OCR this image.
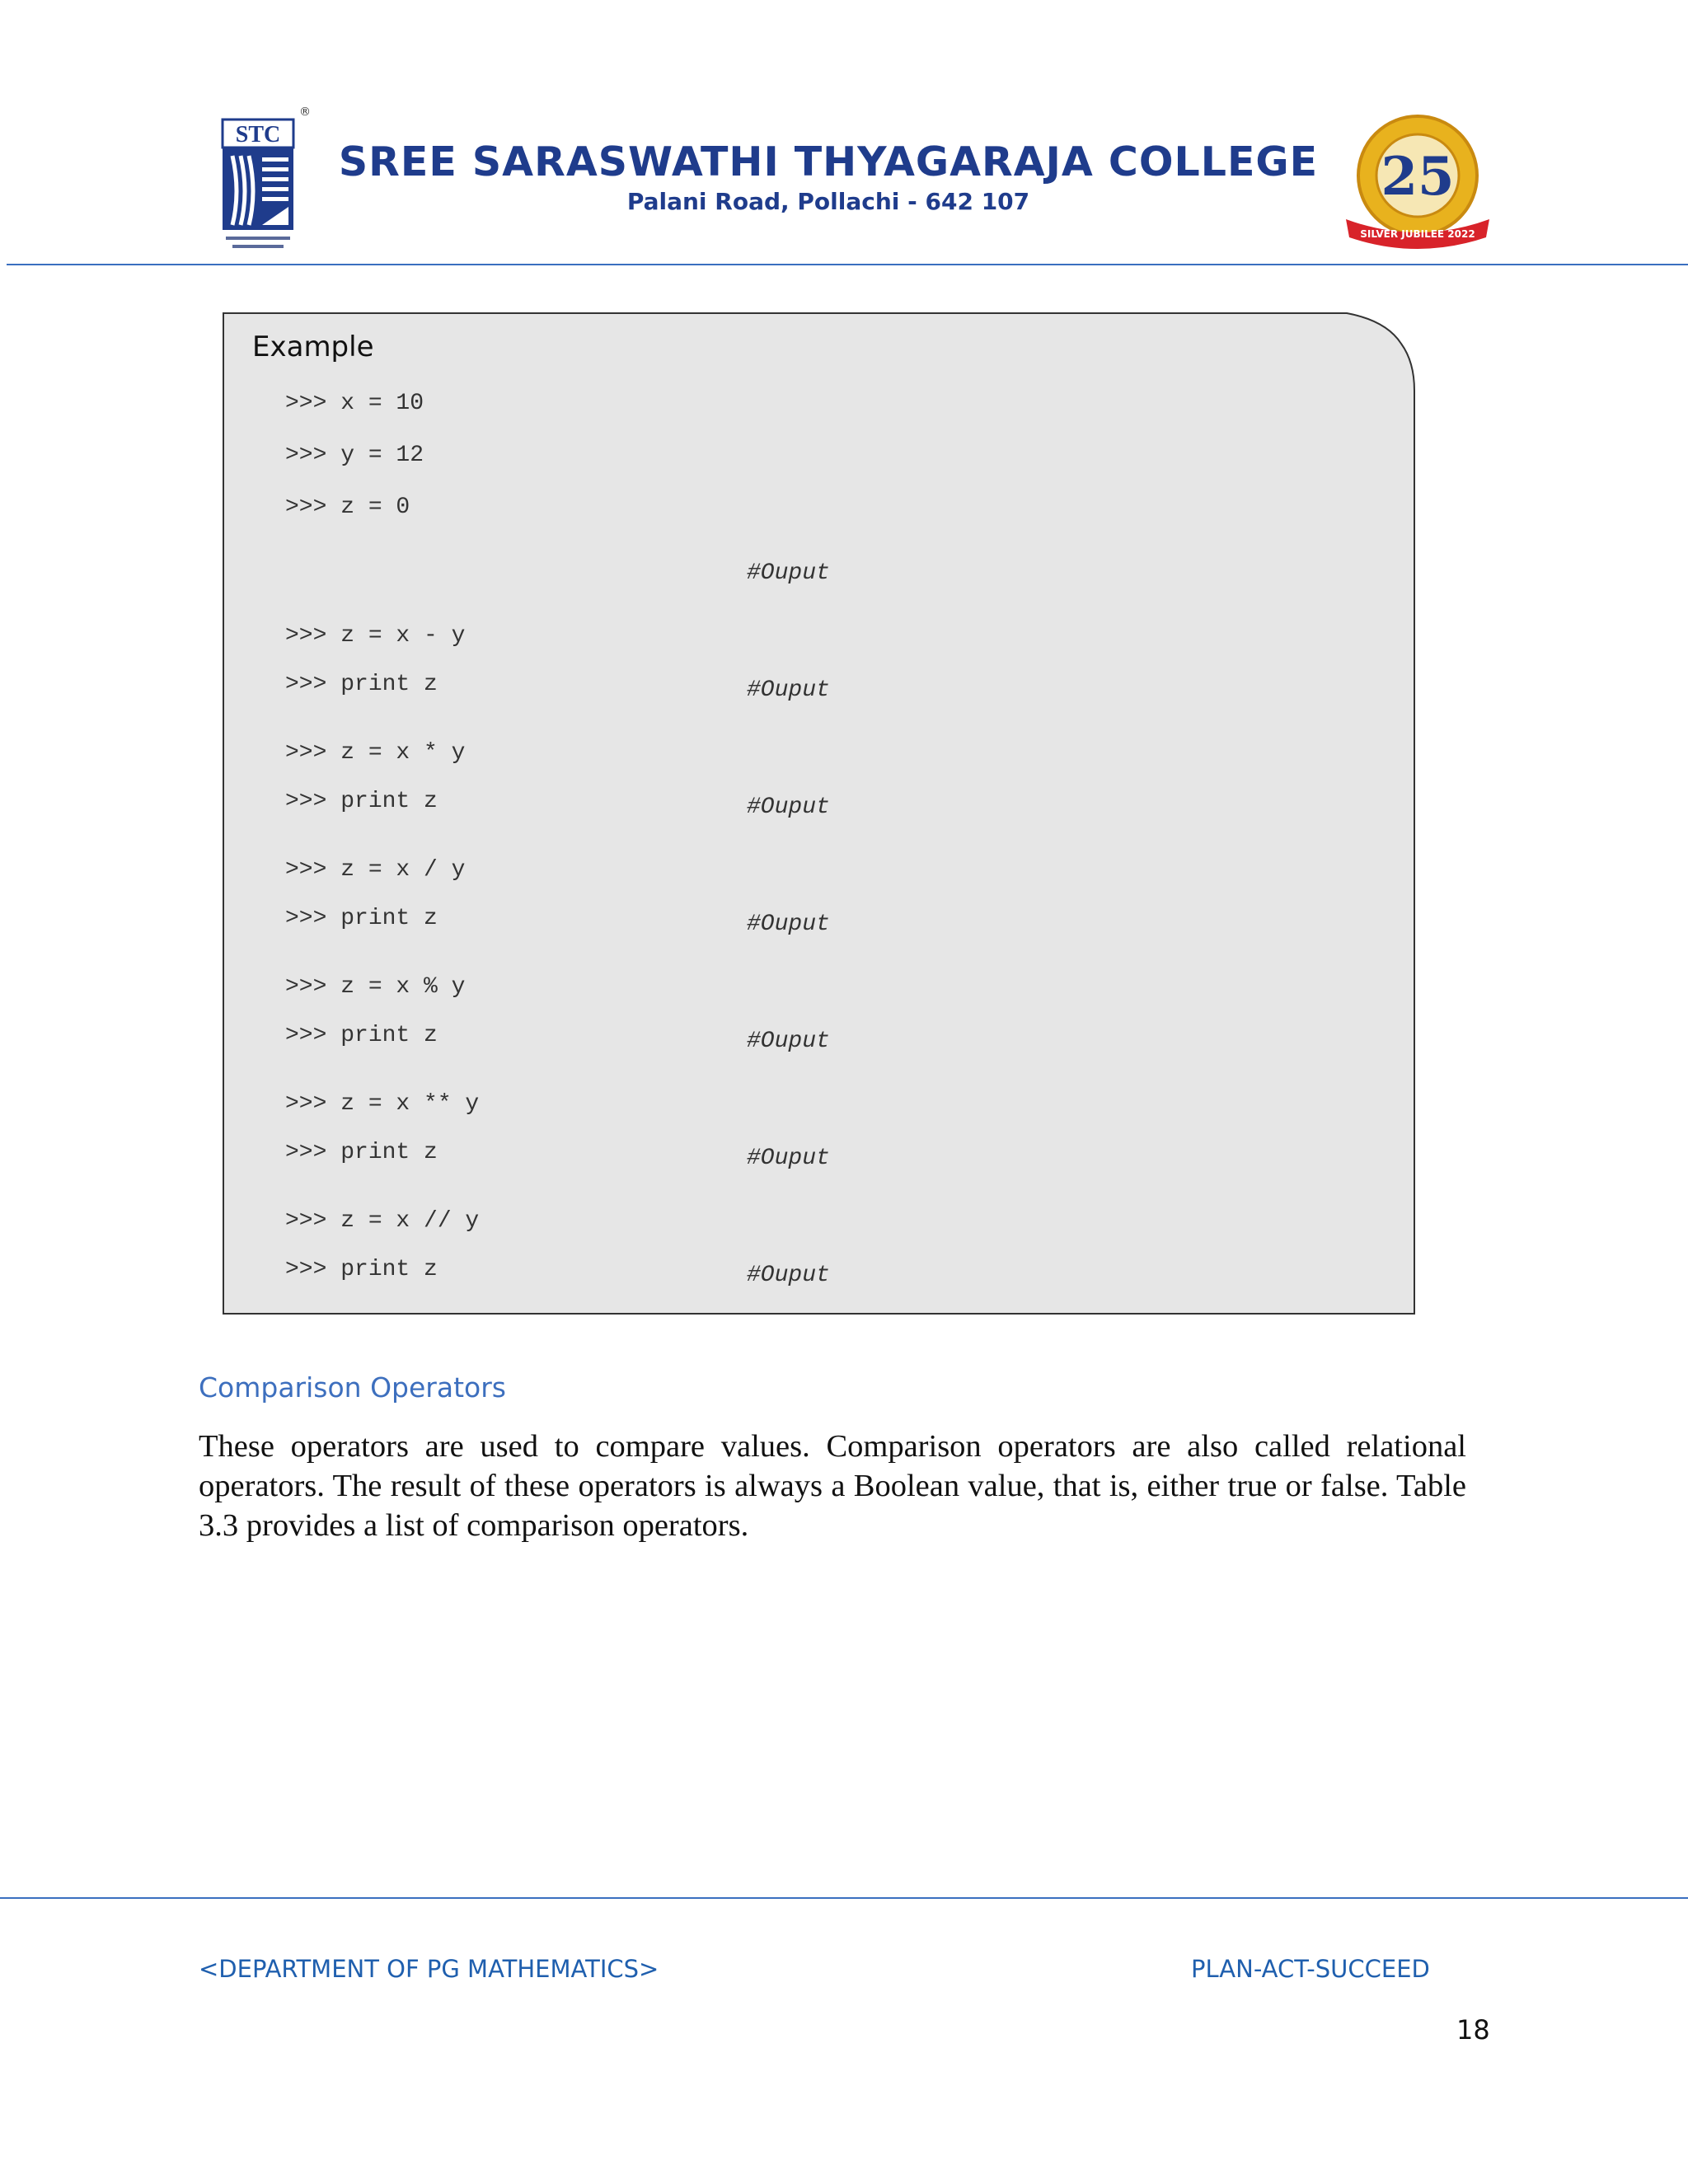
STC
®
SREE SARASWATHI THYAGARAJA COLLEGE
Palani Road, Pollachi - 642 107	25
SILVER JUBILEE 2022
Example
>>> x = 10
>>> y = 12
>>> z = 0
>>> z = x - y
>>> print z
>>> z = x * y
>>> print z
>>> z = x / y
>>> print z
>>> z = x % y
>>> print z
>>> z = x ** y
>>> print z
>>> z = x // y
>>> print z
#Ouput
#Ouput
#Ouput
#Ouput
#Ouput
#Ouput
#Ouput
Comparison Operators
These operators are used to compare values. Comparison operators are also called relational operators. The result of these operators is always a Boolean value, that is, either true or false. Table 3.3 provides a list of comparison operators.
<DEPARTMENT OF PG MATHEMATICS>	PLAN-ACT-SUCCEED
18
